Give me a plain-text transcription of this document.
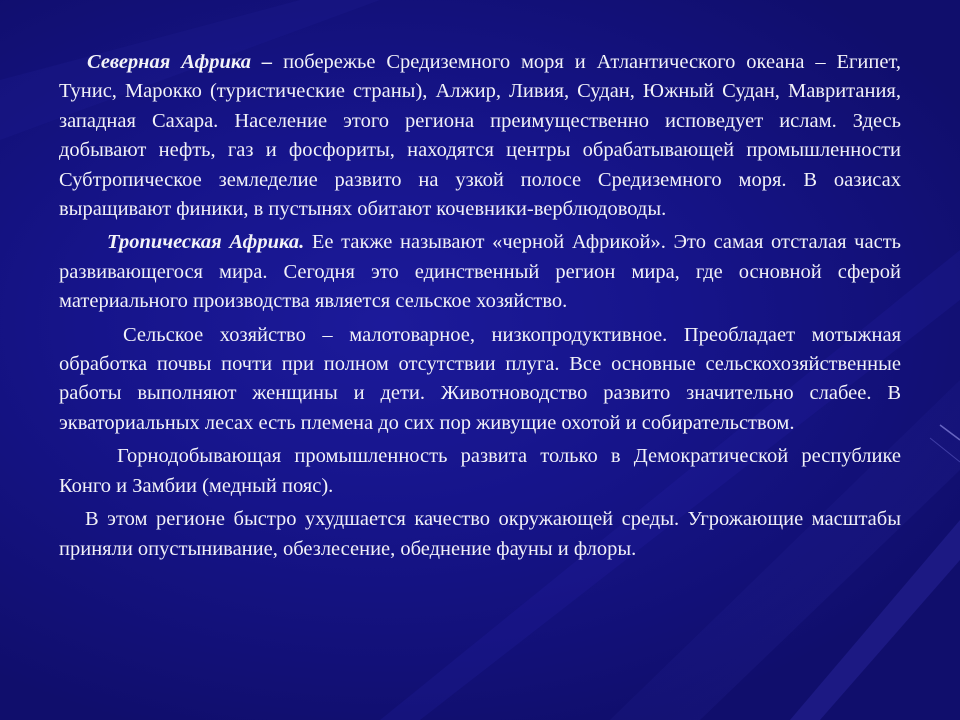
Северная Африка – побережье Средиземного моря и Атлантического океана – Египет, Тунис, Марокко (туристические страны), Алжир, Ливия, Судан, Южный Судан, Мавритания, западная Сахара. Население этого региона преимущественно исповедует ислам. Здесь добывают нефть, газ и фосфориты, находятся центры обрабатывающей промышленности Субтропическое земледелие развито на узкой полосе Средиземного моря. В оазисах выращивают финики, в пустынях обитают кочевники-верблюдоводы.

Тропическая Африка. Ее также называют «черной Африкой». Это самая отсталая часть развивающегося мира. Сегодня это единственный регион мира, где основной сферой материального производства является сельское хозяйство.

Сельское хозяйство – малотоварное, низкопродуктивное. Преобладает мотыжная обработка почвы почти при полном отсутствии плуга. Все основные сельскохозяйственные работы выполняют женщины и дети. Животноводство развито значительно слабее. В экваториальных лесах есть племена до сих пор живущие охотой и собирательством.

Горнодобывающая промышленность развита только в Демократической республике Конго и Замбии (медный пояс).

В этом регионе быстро ухудшается качество окружающей среды. Угрожающие масштабы приняли опустынивание, обезлесение, обеднение фауны и флоры.
